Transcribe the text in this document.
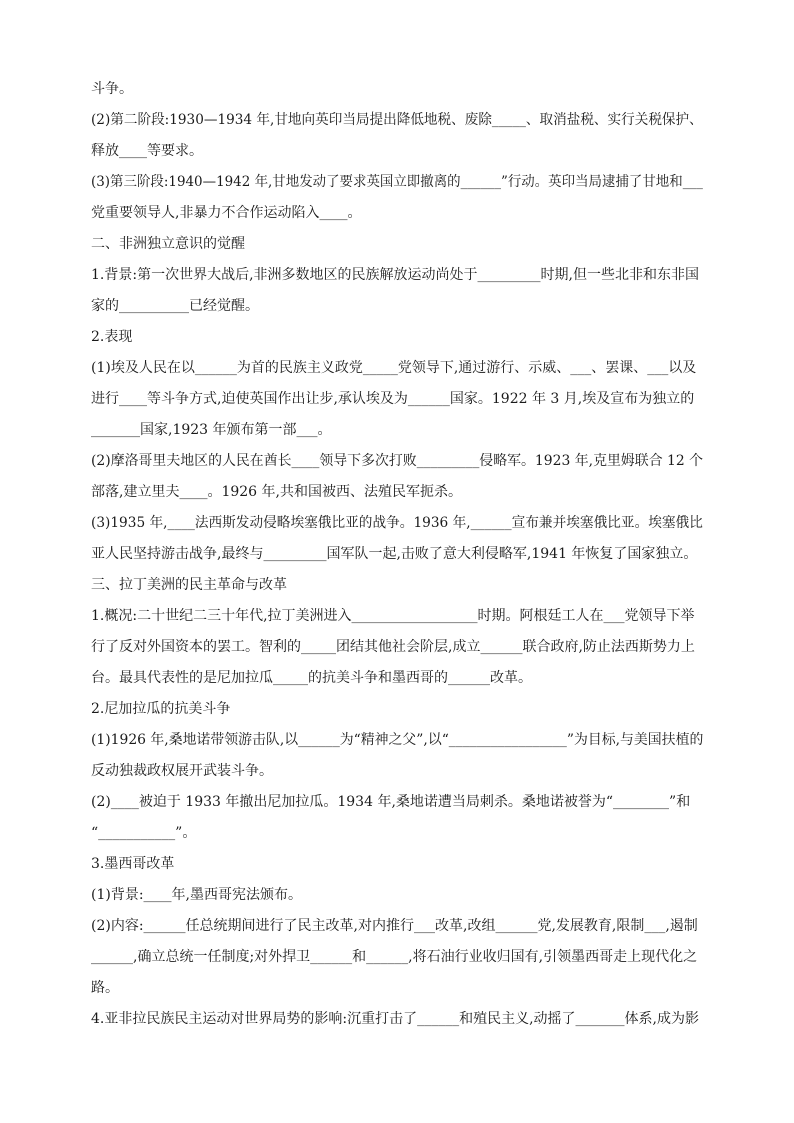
斗争。
(2)第二阶段:1930—1934 年,甘地向英印当局提出降低地税、废除_____、取消盐税、实行关税保护、
释放____等要求。
(3)第三阶段:1940—1942 年,甘地发动了要求英国立即撤离的______”行动。英印当局逮捕了甘地和___
党重要领导人,非暴力不合作运动陷入____。
二、非洲独立意识的觉醒
1.背景:第一次世界大战后,非洲多数地区的民族解放运动尚处于_________时期,但一些北非和东非国
家的__________已经觉醒。
2.表现
(1)埃及人民在以______为首的民族主义政党_____党领导下,通过游行、示威、___、罢课、___以及
进行____等斗争方式,迫使英国作出让步,承认埃及为______国家。1922 年 3 月,埃及宣布为独立的
_______国家,1923 年颁布第一部___。
(2)摩洛哥里夫地区的人民在酋长____领导下多次打败_________侵略军。1923 年,克里姆联合 12 个
部落,建立里夫____。1926 年,共和国被西、法殖民军扼杀。
(3)1935 年,____法西斯发动侵略埃塞俄比亚的战争。1936 年,______宣布兼并埃塞俄比亚。埃塞俄比
亚人民坚持游击战争,最终与_________国军队一起,击败了意大利侵略军,1941 年恢复了国家独立。
三、拉丁美洲的民主革命与改革
1.概况:二十世纪二三十年代,拉丁美洲进入__________________时期。阿根廷工人在___党领导下举
行了反对外国资本的罢工。智利的_____团结其他社会阶层,成立______联合政府,防止法西斯势力上
台。最具代表性的是尼加拉瓜_____的抗美斗争和墨西哥的______改革。
2.尼加拉瓜的抗美斗争
(1)1926 年,桑地诺带领游击队,以______为“精神之父”,以“_________________”为目标,与美国扶植的
反动独裁政权展开武装斗争。
(2)____被迫于 1933 年撤出尼加拉瓜。1934 年,桑地诺遭当局刺杀。桑地诺被誉为“________”和
“___________”。
3.墨西哥改革
(1)背景:____年,墨西哥宪法颁布。
(2)内容:______任总统期间进行了民主改革,对内推行___改革,改组______党,发展教育,限制___,遏制
______,确立总统一任制度;对外捍卫______和______,将石油行业收归国有,引领墨西哥走上现代化之
路。
4.亚非拉民族民主运动对世界局势的影响:沉重打击了______和殖民主义,动摇了_______体系,成为影
